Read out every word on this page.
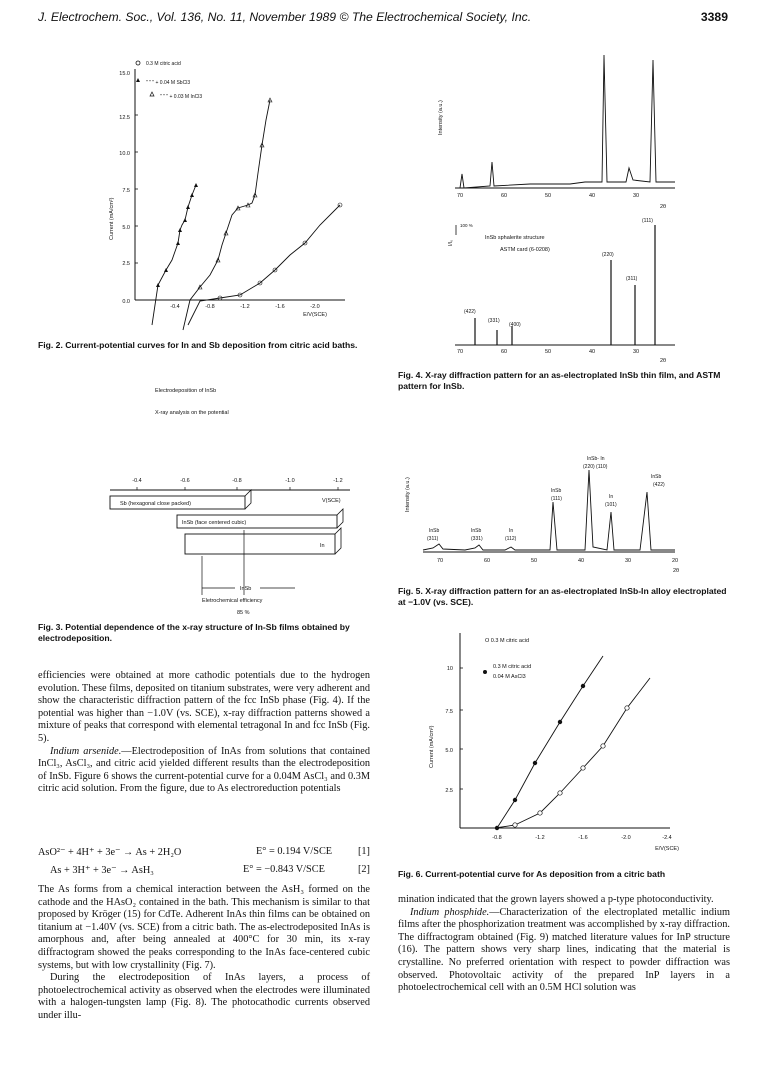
J. Electrochem. Soc., Vol. 136, No. 11, November 1989 © The Electrochemical Society, Inc.	3389
0.3 M citric acid
" " " + 0.04 M SbCl3
" " " + 0.03 M InCl3
15.0
12.5
10.0
7.5
5.0
2.5
0.0
-0.4	-0.8	-1.2	-1.6	-2.0
E/V(SCE)
Current (mA/cm²)
Fig. 2. Current-potential curves for In and Sb deposition from citric acid baths.
Electrodeposition of InSb
X-ray analysis on the potential
-0.4	-0.6	-0.8	-1.0	-1.2
V(SCE)
Sb (hexagonal close packed)
InSb (face centered cubic)
In
InSb
Eletrochemical efficiency
85 %
Fig. 3. Potential dependence of the x-ray structure of In-Sb films obtained by electrodeposition.
Intensity (a.u.)
70	60	50	40	30
2θ
100 %
I/I₀
InSb sphalerite structure
ASTM card (6-0208)
(111)
(220)
(311)
(422)
(331)
(400)
70	60	50	40	30
2θ
Fig. 4. X-ray diffraction pattern for an as-electroplated InSb thin film, and ASTM pattern for InSb.
Intensity (a.u.)
InSb- In
(220) (110)
InSb
(422)
InSb
(111)	In
(101)
InSb
(311)
InSb
(331)
In
(112)
70	60	50	40	30	20
2θ
Fig. 5. X-ray diffraction pattern for an as-electroplated InSb-In alloy electroplated at −1.0V (vs. SCE).
O 0.3 M citric acid
0.3 M citric acid
0.04 M AsCl3
10
7.5
5.0
2.5
Current (mA/cm²)
-0.8	-1.2	-1.6	-2.0	-2.4
E/V(SCE)
Fig. 6. Current-potential curve for As deposition from a citric bath

efficiencies were obtained at more cathodic potentials due to the hydrogen evolution. These films, deposited on titanium substrates, were very adherent and show the characteristic diffraction pattern of the fcc InSb phase (Fig. 4). If the potential was higher than −1.0V (vs. SCE), x-ray diffraction patterns showed a mixture of peaks that correspond with elemental tetragonal In and fcc InSb (Fig. 5).

Indium arsenide.—Electrodeposition of InAs from solutions that contained InCl₃, AsCl₃, and citric acid yielded different results than the electrodeposition of InSb. Figure 6 shows the current-potential curve for a 0.04M AsCl₃ and 0.3M citric acid solution. From the figure, due to As electroreduction potentials

AsO²⁻ + 4H⁺ + 3e⁻ → As + 2H₂O	E° = 0.194 V/SCE	[1]
As + 3H⁺ + 3e⁻ → AsH₃	E° = −0.843 V/SCE	[2]

The As forms from a chemical interaction between the AsH₃ formed on the cathode and the HAsO₂ contained in the bath. This mechanism is similar to that proposed by Kröger (15) for CdTe. Adherent InAs thin films can be obtained on titanium at −1.40V (vs. SCE) from a citric bath. The as-electrodeposited InAs is amorphous and, after being annealed at 400°C for 30 min, its x-ray diffractogram showed the peaks corresponding to the InAs face-centered cubic systems, but with low crystallinity (Fig. 7).

During the electrodeposition of InAs layers, a process of photoelectrochemical activity as observed when the electrodes were illuminated with a halogen-tungsten lamp (Fig. 8). The photocathodic currents observed under illu-

mination indicated that the grown layers showed a p-type photoconductivity.

Indium phosphide.—Characterization of the electroplated metallic indium films after the phosphorization treatment was accomplished by x-ray diffraction. The diffractogram obtained (Fig. 9) matched literature values for InP structure (16). The pattern shows very sharp lines, indicating that the material is crystalline. No preferred orientation with respect to powder diffraction was observed. Photovoltaic activity of the prepared InP layers in a photoelectrochemical cell with an 0.5M HCl solution was
